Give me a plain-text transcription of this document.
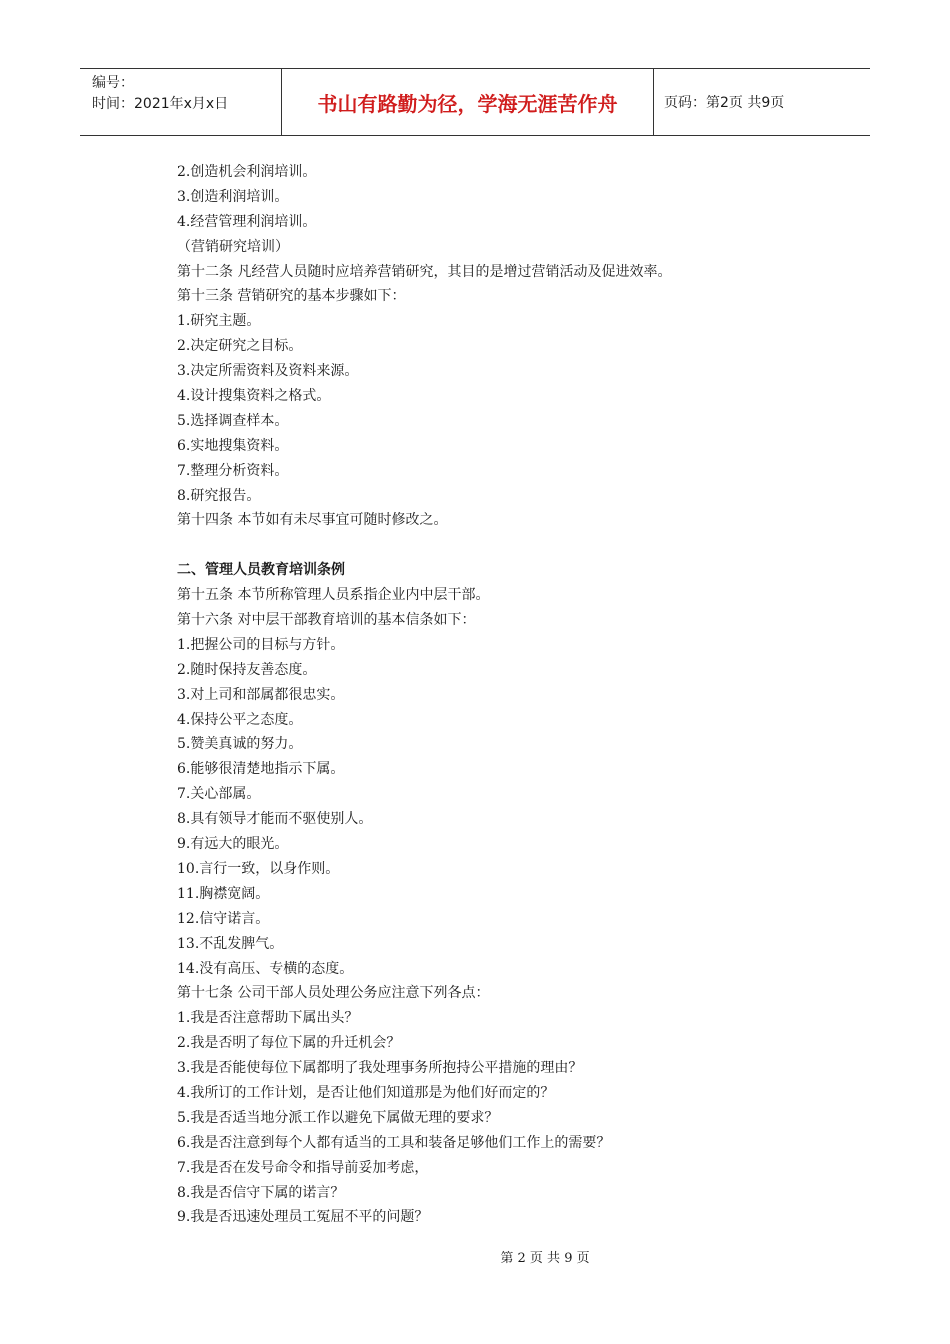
编号：
时间：2021年x月x日	书山有路勤为径，学海无涯苦作舟	页码：第2页 共9页
2.创造机会利润培训。
3.创造利润培训。
4.经营管理利润培训。
（营销研究培训）
第十二条 凡经营人员随时应培养营销研究，其目的是增过营销活动及促进效率。
第十三条 营销研究的基本步骤如下：
1.研究主题。
2.决定研究之目标。
3.决定所需资料及资料来源。
4.设计搜集资料之格式。
5.选择调查样本。
6.实地搜集资料。
7.整理分析资料。
8.研究报告。
第十四条 本节如有未尽事宜可随时修改之。
二、管理人员教育培训条例
第十五条 本节所称管理人员系指企业内中层干部。
第十六条 对中层干部教育培训的基本信条如下：
1.把握公司的目标与方针。
2.随时保持友善态度。
3.对上司和部属都很忠实。
4.保持公平之态度。
5.赞美真诚的努力。
6.能够很清楚地指示下属。
7.关心部属。
8.具有领导才能而不驱使别人。
9.有远大的眼光。
10.言行一致，以身作则。
11.胸襟宽阔。
12.信守诺言。
13.不乱发脾气。
14.没有高压、专横的态度。
第十七条 公司干部人员处理公务应注意下列各点：
1.我是否注意帮助下属出头？
2.我是否明了每位下属的升迁机会？
3.我是否能使每位下属都明了我处理事务所抱持公平措施的理由？
4.我所订的工作计划，是否让他们知道那是为他们好而定的？
5.我是否适当地分派工作以避免下属做无理的要求？
6.我是否注意到每个人都有适当的工具和装备足够他们工作上的需要？
7.我是否在发号命令和指导前妥加考虑，
8.我是否信守下属的诺言？
9.我是否迅速处理员工冤屈不平的问题？
第 2 页 共 9 页
